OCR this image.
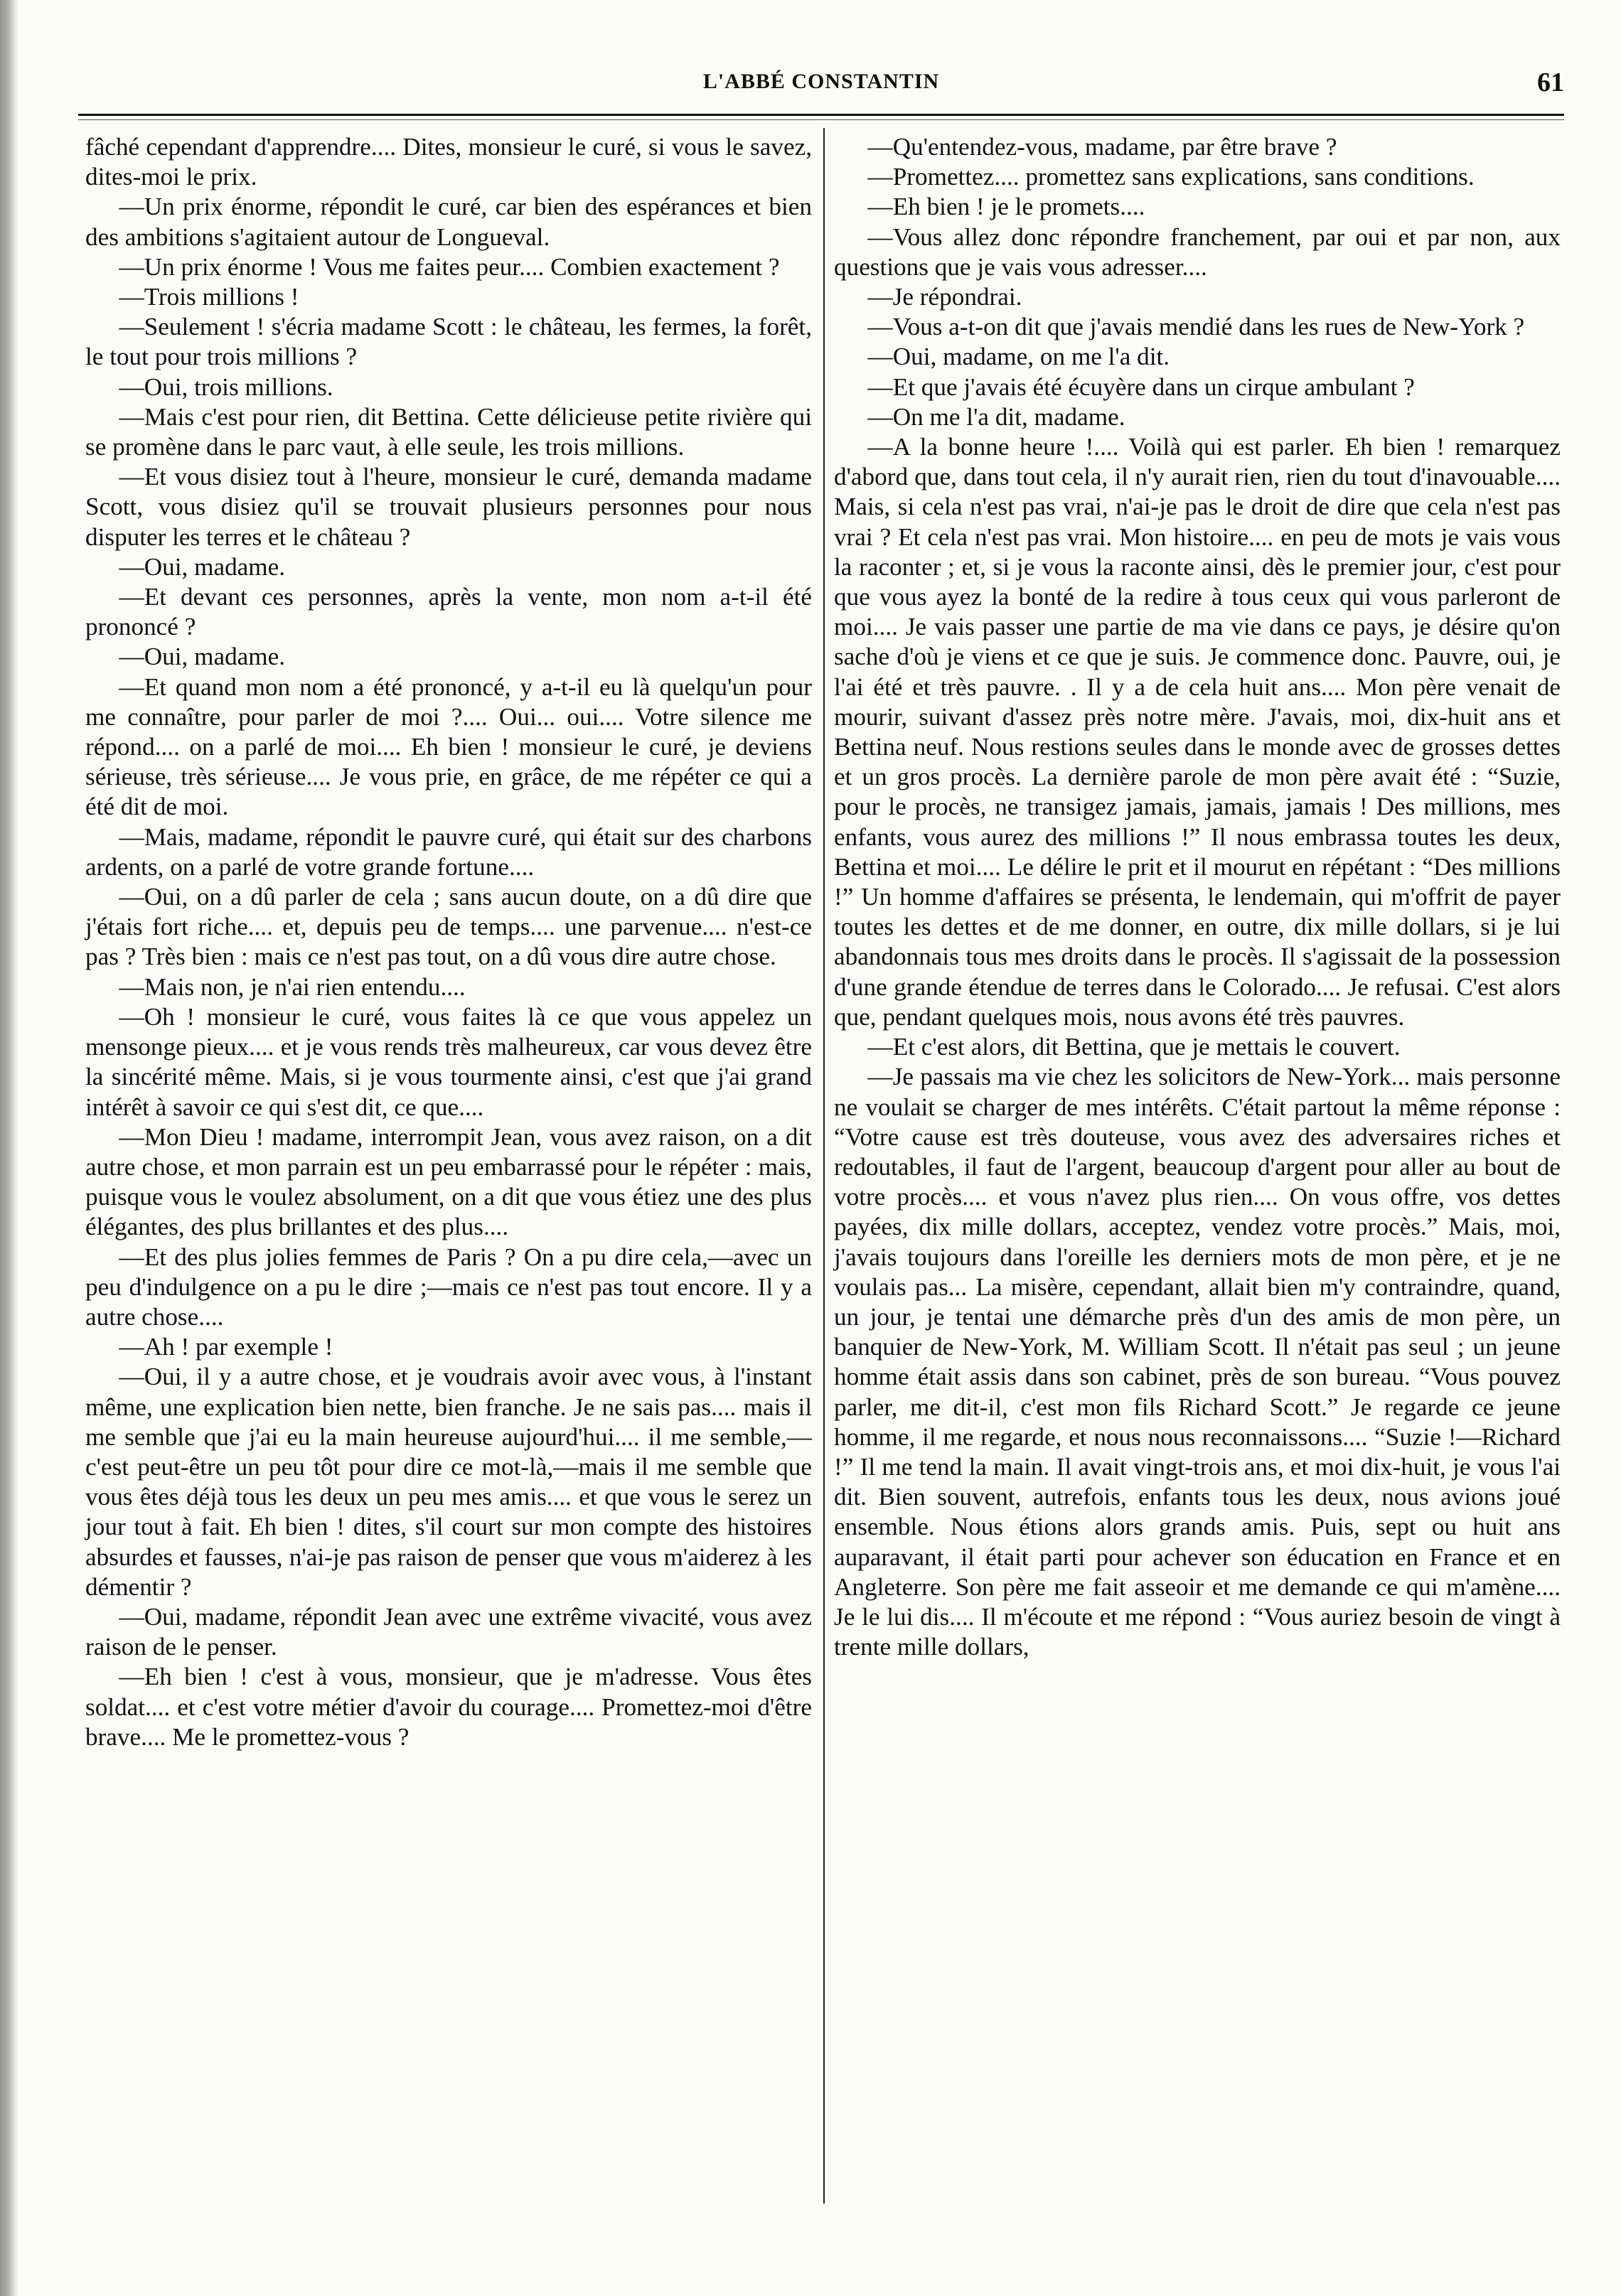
L'ABBÉ CONSTANTIN	61

fâché cependant d'apprendre.... Dites, monsieur le curé, si vous le savez, dites-moi le prix.

—Un prix énorme, répondit le curé, car bien des espérances et bien des ambitions s'agitaient autour de Longueval.

—Un prix énorme ! Vous me faites peur.... Combien exactement ?

—Trois millions !

—Seulement ! s'écria madame Scott : le château, les fermes, la forêt, le tout pour trois millions ?

—Oui, trois millions.

—Mais c'est pour rien, dit Bettina. Cette délicieuse petite rivière qui se promène dans le parc vaut, à elle seule, les trois millions.

—Et vous disiez tout à l'heure, monsieur le curé, demanda madame Scott, vous disiez qu'il se trouvait plusieurs personnes pour nous disputer les terres et le château ?

—Oui, madame.

—Et devant ces personnes, après la vente, mon nom a-t-il été prononcé ?

—Oui, madame.

—Et quand mon nom a été prononcé, y a-t-il eu là quelqu'un pour me connaître, pour parler de moi ?.... Oui... oui.... Votre silence me répond.... on a parlé de moi.... Eh bien ! monsieur le curé, je deviens sérieuse, très sérieuse.... Je vous prie, en grâce, de me répéter ce qui a été dit de moi.

—Mais, madame, répondit le pauvre curé, qui était sur des charbons ardents, on a parlé de votre grande fortune....

—Oui, on a dû parler de cela ; sans aucun doute, on a dû dire que j'étais fort riche.... et, depuis peu de temps.... une parvenue.... n'est-ce pas ? Très bien : mais ce n'est pas tout, on a dû vous dire autre chose.

—Mais non, je n'ai rien entendu....

—Oh ! monsieur le curé, vous faites là ce que vous appelez un mensonge pieux.... et je vous rends très malheureux, car vous devez être la sincérité même. Mais, si je vous tourmente ainsi, c'est que j'ai grand intérêt à savoir ce qui s'est dit, ce que....

—Mon Dieu ! madame, interrompit Jean, vous avez raison, on a dit autre chose, et mon parrain est un peu embarrassé pour le répéter : mais, puisque vous le voulez absolument, on a dit que vous étiez une des plus élégantes, des plus brillantes et des plus....

—Et des plus jolies femmes de Paris ? On a pu dire cela,—avec un peu d'indulgence on a pu le dire ;—mais ce n'est pas tout encore. Il y a autre chose....

—Ah ! par exemple !

—Oui, il y a autre chose, et je voudrais avoir avec vous, à l'instant même, une explication bien nette, bien franche. Je ne sais pas.... mais il me semble que j'ai eu la main heureuse aujourd'hui.... il me semble,—c'est peut-être un peu tôt pour dire ce mot-là,—mais il me semble que vous êtes déjà tous les deux un peu mes amis.... et que vous le serez un jour tout à fait. Eh bien ! dites, s'il court sur mon compte des histoires absurdes et fausses, n'ai-je pas raison de penser que vous m'aiderez à les démentir ?

—Oui, madame, répondit Jean avec une extrême vivacité, vous avez raison de le penser.

—Eh bien ! c'est à vous, monsieur, que je m'adresse. Vous êtes soldat.... et c'est votre métier d'avoir du courage.... Promettez-moi d'être brave.... Me le promettez-vous ?

—Qu'entendez-vous, madame, par être brave ?

—Promettez.... promettez sans explications, sans conditions.

—Eh bien ! je le promets....

—Vous allez donc répondre franchement, par oui et par non, aux questions que je vais vous adresser....

—Je répondrai.

—Vous a-t-on dit que j'avais mendié dans les rues de New-York ?

—Oui, madame, on me l'a dit.

—Et que j'avais été écuyère dans un cirque ambulant ?

—On me l'a dit, madame.

—A la bonne heure !.... Voilà qui est parler. Eh bien ! remarquez d'abord que, dans tout cela, il n'y aurait rien, rien du tout d'inavouable.... Mais, si cela n'est pas vrai, n'ai-je pas le droit de dire que cela n'est pas vrai ? Et cela n'est pas vrai. Mon histoire.... en peu de mots je vais vous la raconter ; et, si je vous la raconte ainsi, dès le premier jour, c'est pour que vous ayez la bonté de la redire à tous ceux qui vous parleront de moi.... Je vais passer une partie de ma vie dans ce pays, je désire qu'on sache d'où je viens et ce que je suis. Je commence donc. Pauvre, oui, je l'ai été et très pauvre. . Il y a de cela huit ans.... Mon père venait de mourir, suivant d'assez près notre mère. J'avais, moi, dix-huit ans et Bettina neuf. Nous restions seules dans le monde avec de grosses dettes et un gros procès. La dernière parole de mon père avait été : “Suzie, pour le procès, ne transigez jamais, jamais, jamais ! Des millions, mes enfants, vous aurez des millions !” Il nous embrassa toutes les deux, Bettina et moi.... Le délire le prit et il mourut en répétant : “Des millions !” Un homme d'affaires se présenta, le lendemain, qui m'offrit de payer toutes les dettes et de me donner, en outre, dix mille dollars, si je lui abandonnais tous mes droits dans le procès. Il s'agissait de la possession d'une grande étendue de terres dans le Colorado.... Je refusai. C'est alors que, pendant quelques mois, nous avons été très pauvres.

—Et c'est alors, dit Bettina, que je mettais le couvert.

—Je passais ma vie chez les solicitors de New-York... mais personne ne voulait se charger de mes intérêts. C'était partout la même réponse : “Votre cause est très douteuse, vous avez des adversaires riches et redoutables, il faut de l'argent, beaucoup d'argent pour aller au bout de votre procès.... et vous n'avez plus rien.... On vous offre, vos dettes payées, dix mille dollars, acceptez, vendez votre procès.” Mais, moi, j'avais toujours dans l'oreille les derniers mots de mon père, et je ne voulais pas... La misère, cependant, allait bien m'y contraindre, quand, un jour, je tentai une démarche près d'un des amis de mon père, un banquier de New-York, M. William Scott. Il n'était pas seul ; un jeune homme était assis dans son cabinet, près de son bureau. “Vous pouvez parler, me dit-il, c'est mon fils Richard Scott.” Je regarde ce jeune homme, il me regarde, et nous nous reconnaissons.... “Suzie !—Richard !” Il me tend la main. Il avait vingt-trois ans, et moi dix-huit, je vous l'ai dit. Bien souvent, autrefois, enfants tous les deux, nous avions joué ensemble. Nous étions alors grands amis. Puis, sept ou huit ans auparavant, il était parti pour achever son éducation en France et en Angleterre. Son père me fait asseoir et me demande ce qui m'amène.... Je le lui dis.... Il m'écoute et me répond : “Vous auriez besoin de vingt à trente mille dollars,
